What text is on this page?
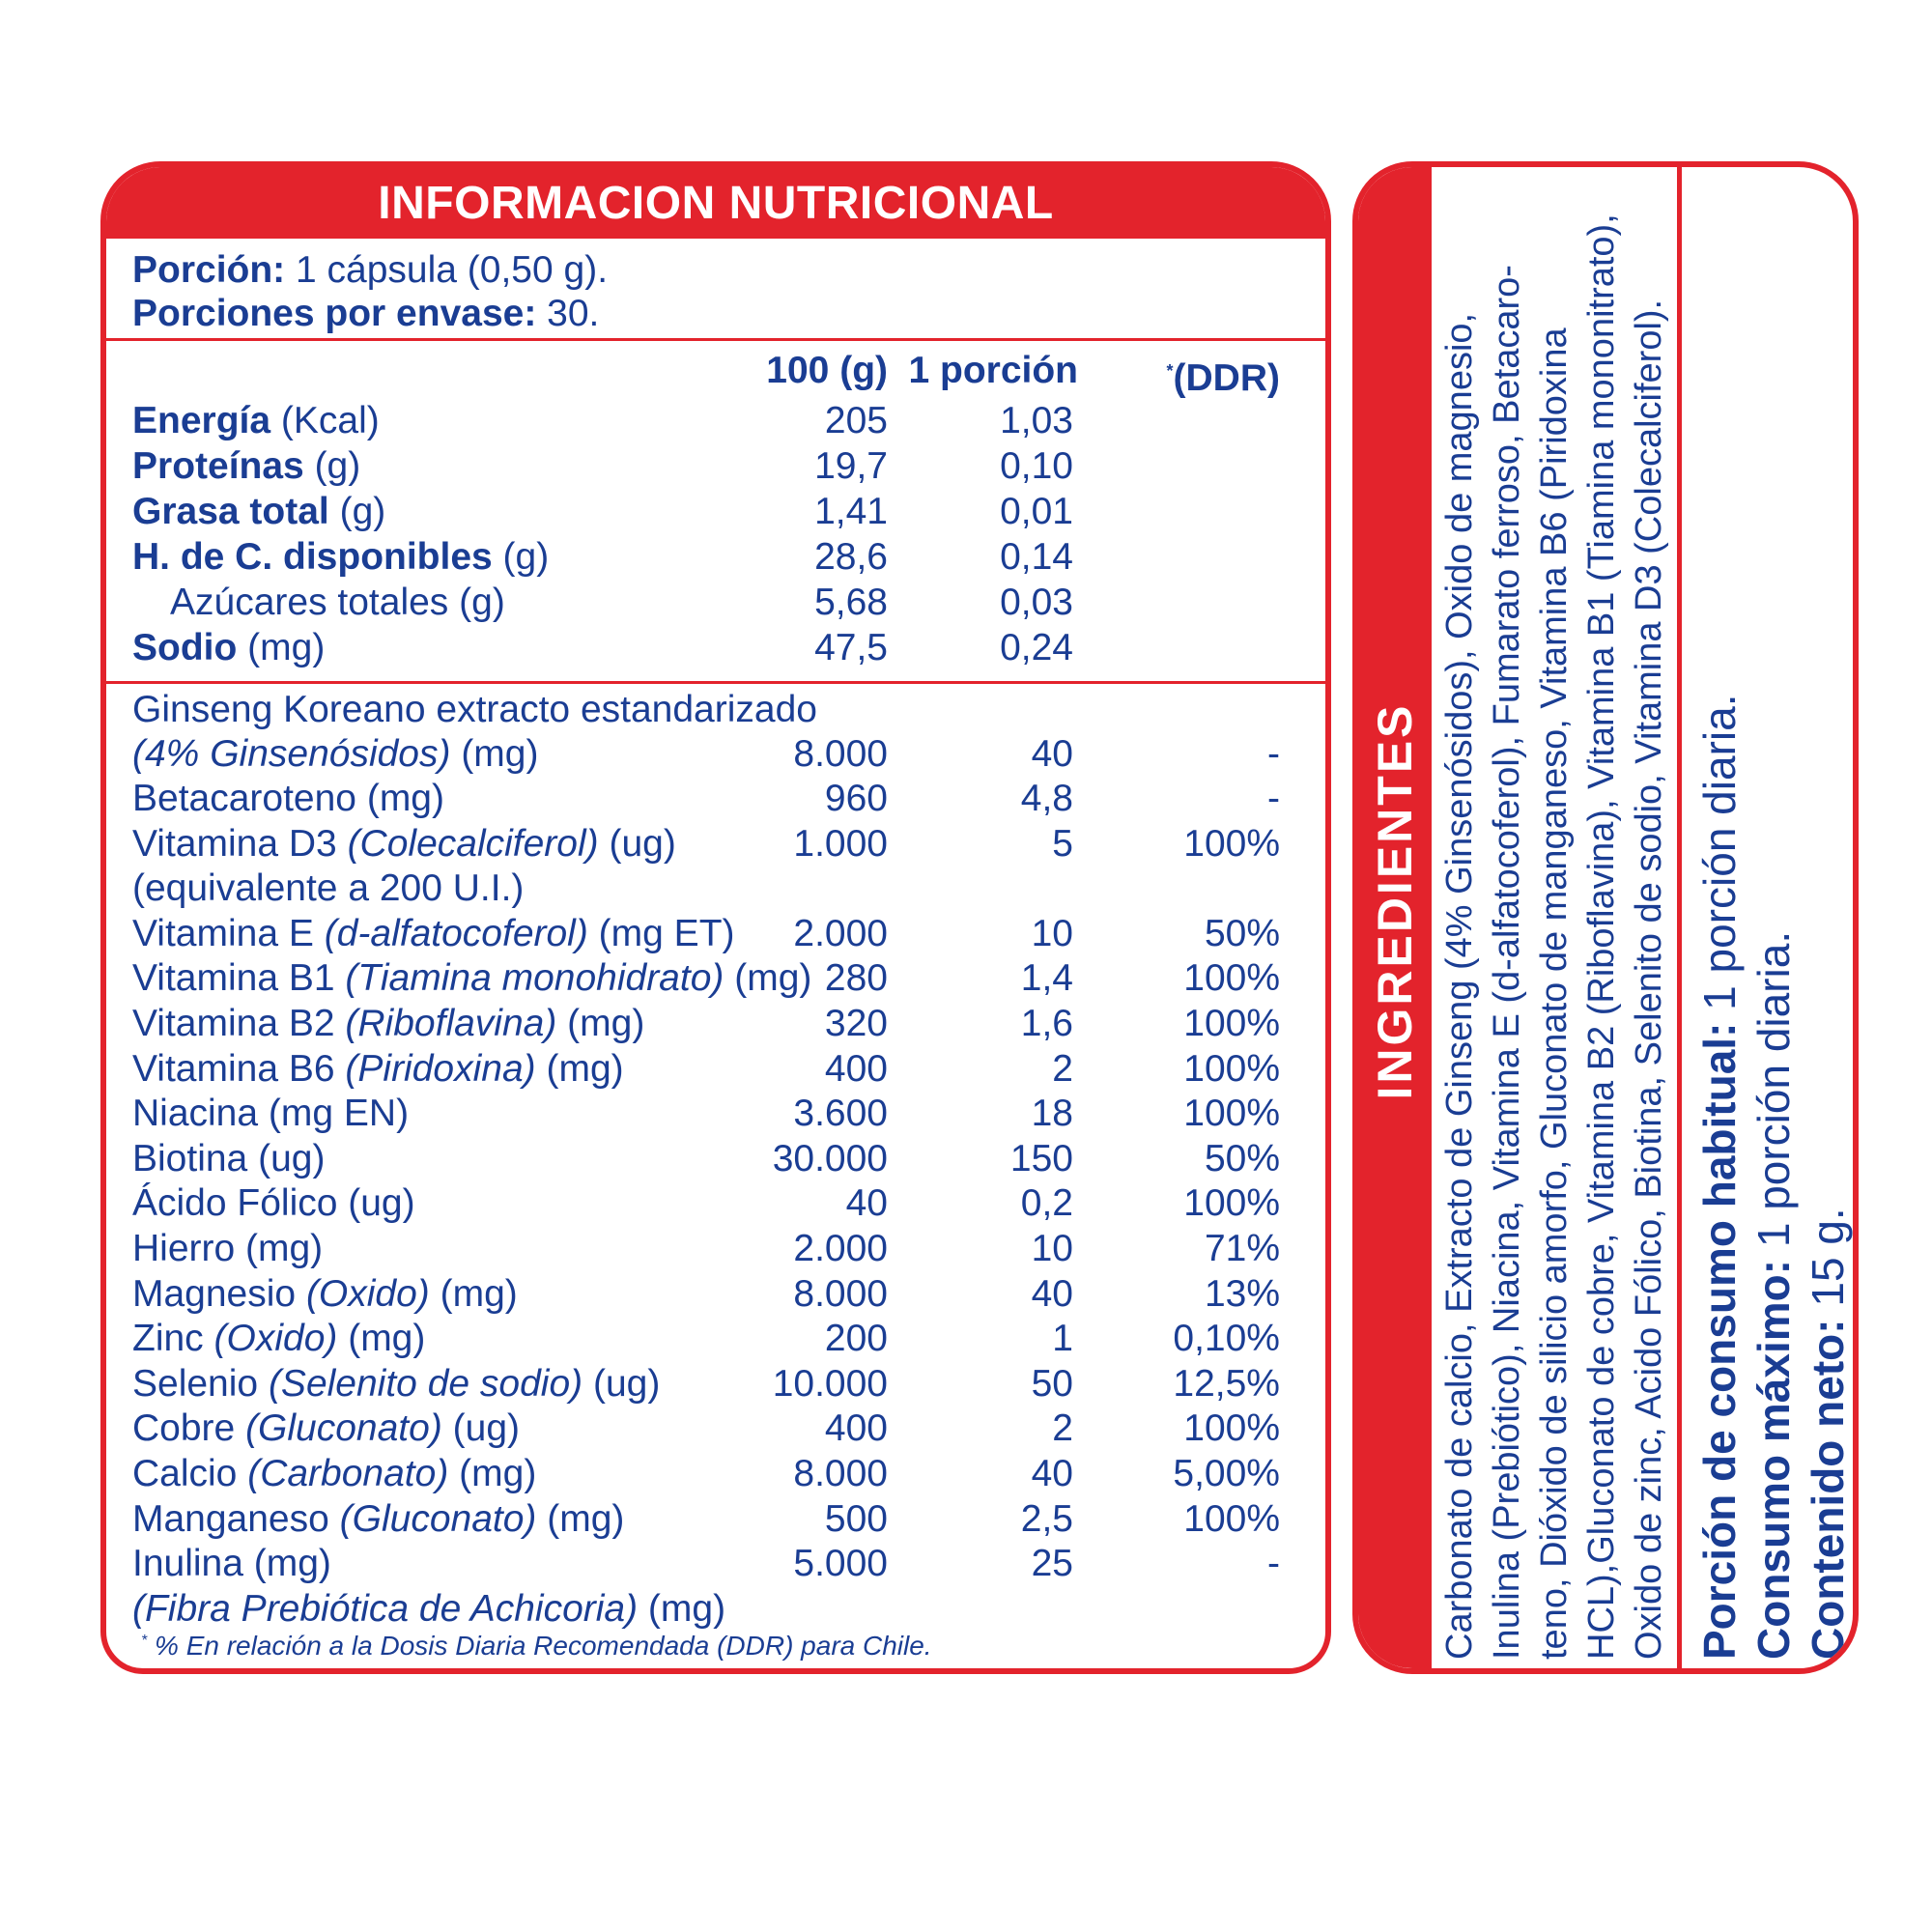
INFORMACION NUTRICIONAL
Porción: 1 cápsula (0,50 g).
Porciones por envase: 30.
100 (g) 1 porción	*(DDR)
Energía (Kcal)	205	1,03
Proteínas (g)	19,7	0,10
Grasa total (g)	1,41	0,01
H. de C. disponibles (g)	28,6	0,14
Azúcares totales (g)	5,68	0,03
Sodio (mg)	47,5	0,24
Ginseng Koreano extracto estandarizado
(4% Ginsenósidos) (mg)	8.000	40	-
Betacaroteno (mg)	960	4,8	-
Vitamina D3 (Colecalciferol) (ug)	1.000	5	100%
(equivalente a 200 U.I.)
Vitamina E (d-alfatocoferol) (mg ET) 2.000	10	50%
Vitamina B1 (Tiamina monohidrato) (mg) 280	1,4	100%
Vitamina B2 (Riboflavina) (mg)	320	1,6	100%
Vitamina B6 (Piridoxina) (mg)	400	2	100%
Niacina (mg EN)	3.600	18	100%
Biotina (ug)	30.000	150	50%
Ácido Fólico (ug)	40	0,2	100%
Hierro (mg)	2.000	10	71%
Magnesio (Oxido) (mg)	8.000	40	13%
Zinc (Oxido) (mg)	200	1	0,10%
Selenio (Selenito de sodio) (ug)	10.000	50	12,5%
Cobre (Gluconato) (ug)	400	2	100%
Calcio (Carbonato) (mg)	8.000	40	5,00%
Manganeso (Gluconato) (mg)	500	2,5	100%
Inulina (mg)	5.000	25	-
(Fibra Prebiótica de Achicoria) (mg)
* % En relación a la Dosis Diaria Recomendada (DDR) para Chile.
INGREDIENTES Carbonato de calcio, Extracto de Ginseng (4% Ginsenósidos), Oxido de magnesio, Inulina (Prebiótico), Niacina, Vitamina E (d-alfatocoferol), Fumarato ferroso, Betacaro- teno, Dióxido de silicio amorfo, Gluconato de manganeso, Vitamina B6 (Piridoxina HCL),Gluconato de cobre, Vitamina B2 (Riboflavina), Vitamina B1 (Tiamina mononitrato), Oxido de zinc, Acido Fólico, Biotina, Selenito de sodio, Vitamina D3 (Colecalciferol). Porción de consumo habitual: 1 porción diaria.
Consumo máximo: 1 porción diaria.
Contenido neto: 15 g.
